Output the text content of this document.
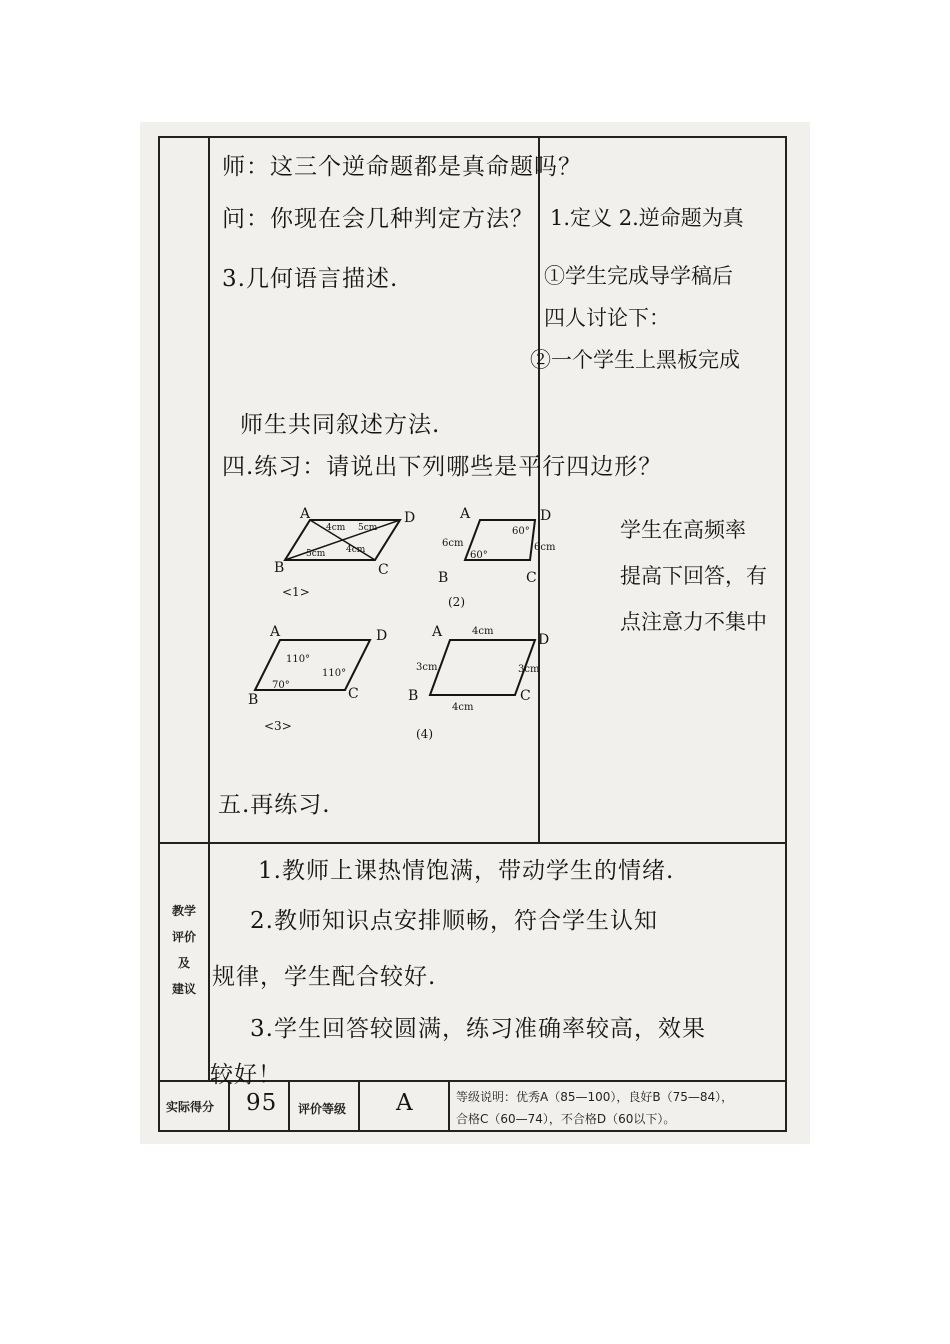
师：这三个逆命题都是真命题吗？
问：你现在会几种判定方法？ 1.定义 2.逆命题为真
3.几何语言描述.	①学生完成导学稿后
四人讨论下：
②一个学生上黑板完成
师生共同叙述方法.
四.练习：请说出下列哪些是平行四边形？
学生在高频率
提高下回答，有
点注意力不集中
五.再练习.
A	D
B	C
4cm 5cm
5cm 4cm
<1>
A	D
B	C
6cm
60°
60°
6cm
(2)
A	D
B	C
110°
70°
110°
<3>
A	D
B	C
4cm
3cm	3cm
4cm
(4)
教学
评价
及
建议
1.教师上课热情饱满，带动学生的情绪.
2.教师知识点安排顺畅，符合学生认知
规律，学生配合较好.
3.学生回答较圆满，练习准确率较高，效果
较好！
实际得分 95 评价等级 A	等级说明：优秀A（85—100），良好B（75—84），
合格C（60—74），不合格D（60以下）。
